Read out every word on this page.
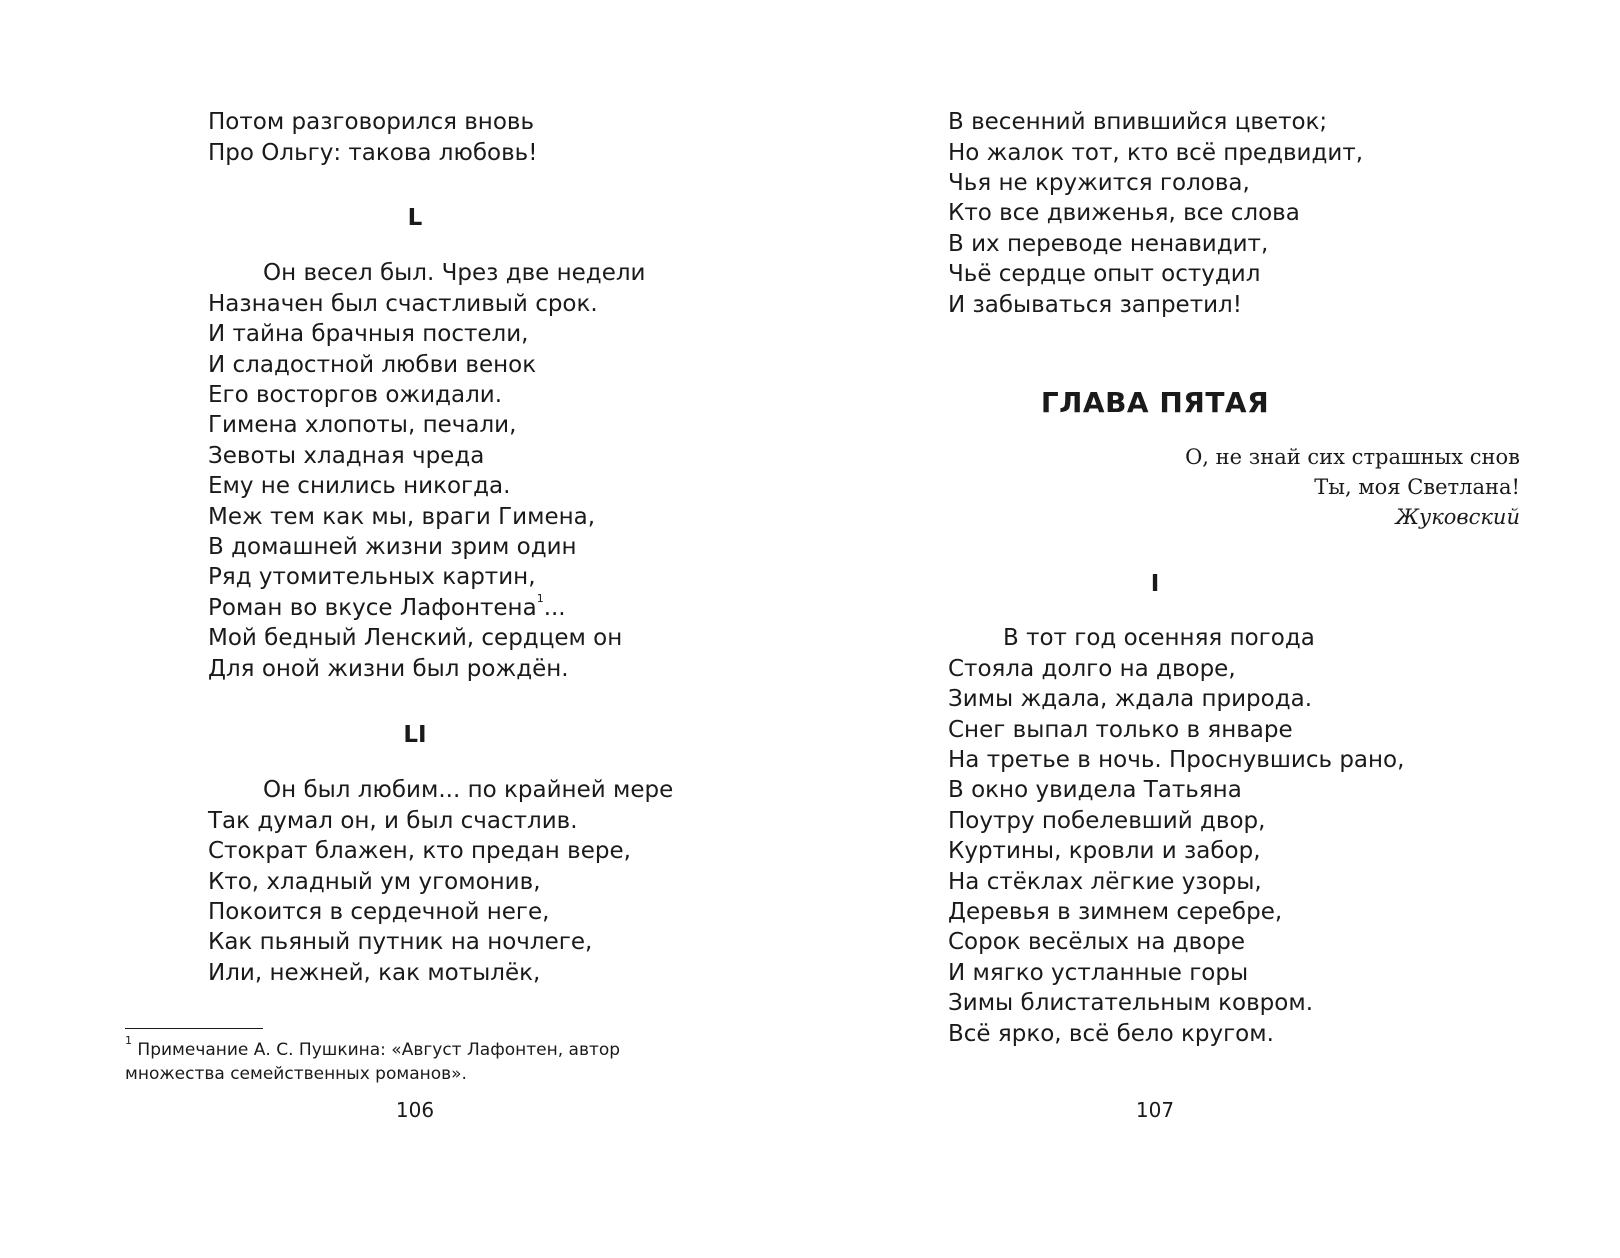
Потом разговорился вновь
Про Ольгу: такова любовь!
L
Он весел был. Чрез две недели
Назначен был счастливый срок.
И тайна брачныя постели,
И сладостной любви венок
Его восторгов ожидали.
Гимена хлопоты, печали,
Зевоты хладная чреда
Ему не снились никогда.
Меж тем как мы, враги Гимена,
В домашней жизни зрим один
Ряд утомительных картин,
Роман во вкусе Лафонтена$^1$...
Мой бедный Ленский, сердцем он
Для оной жизни был рождён.
LI
Он был любим... по крайней мере
Так думал он, и был счастлив.
Стократ блажен, кто предан вере,
Кто, хладный ум угомонив,
Покоится в сердечной неге,
Как пьяный путник на ночлеге,
Или, нежней, как мотылёк,
$^1$ Примечание А. С. Пушкина: «Август Лафонтен, автор множества семейственных романов».
106
В весенний впившийся цветок;
Но жалок тот, кто всё предвидит,
Чья не кружится голова,
Кто все движенья, все слова
В их переводе ненавидит,
Чьё сердце опыт остудил
И забываться запретил!
ГЛАВА ПЯТАЯ
О, не знай сих страшных снов
Ты, моя Светлана!
Жуковский
I
В тот год осенняя погода
Стояла долго на дворе,
Зимы ждала, ждала природа.
Снег выпал только в январе
На третье в ночь. Проснувшись рано,
В окно увидела Татьяна
Поутру побелевший двор,
Куртины, кровли и забор,
На стёклах лёгкие узоры,
Деревья в зимнем серебре,
Сорок весёлых на дворе
И мягко устланные горы
Зимы блистательным ковром.
Всё ярко, всё бело кругом.
107
